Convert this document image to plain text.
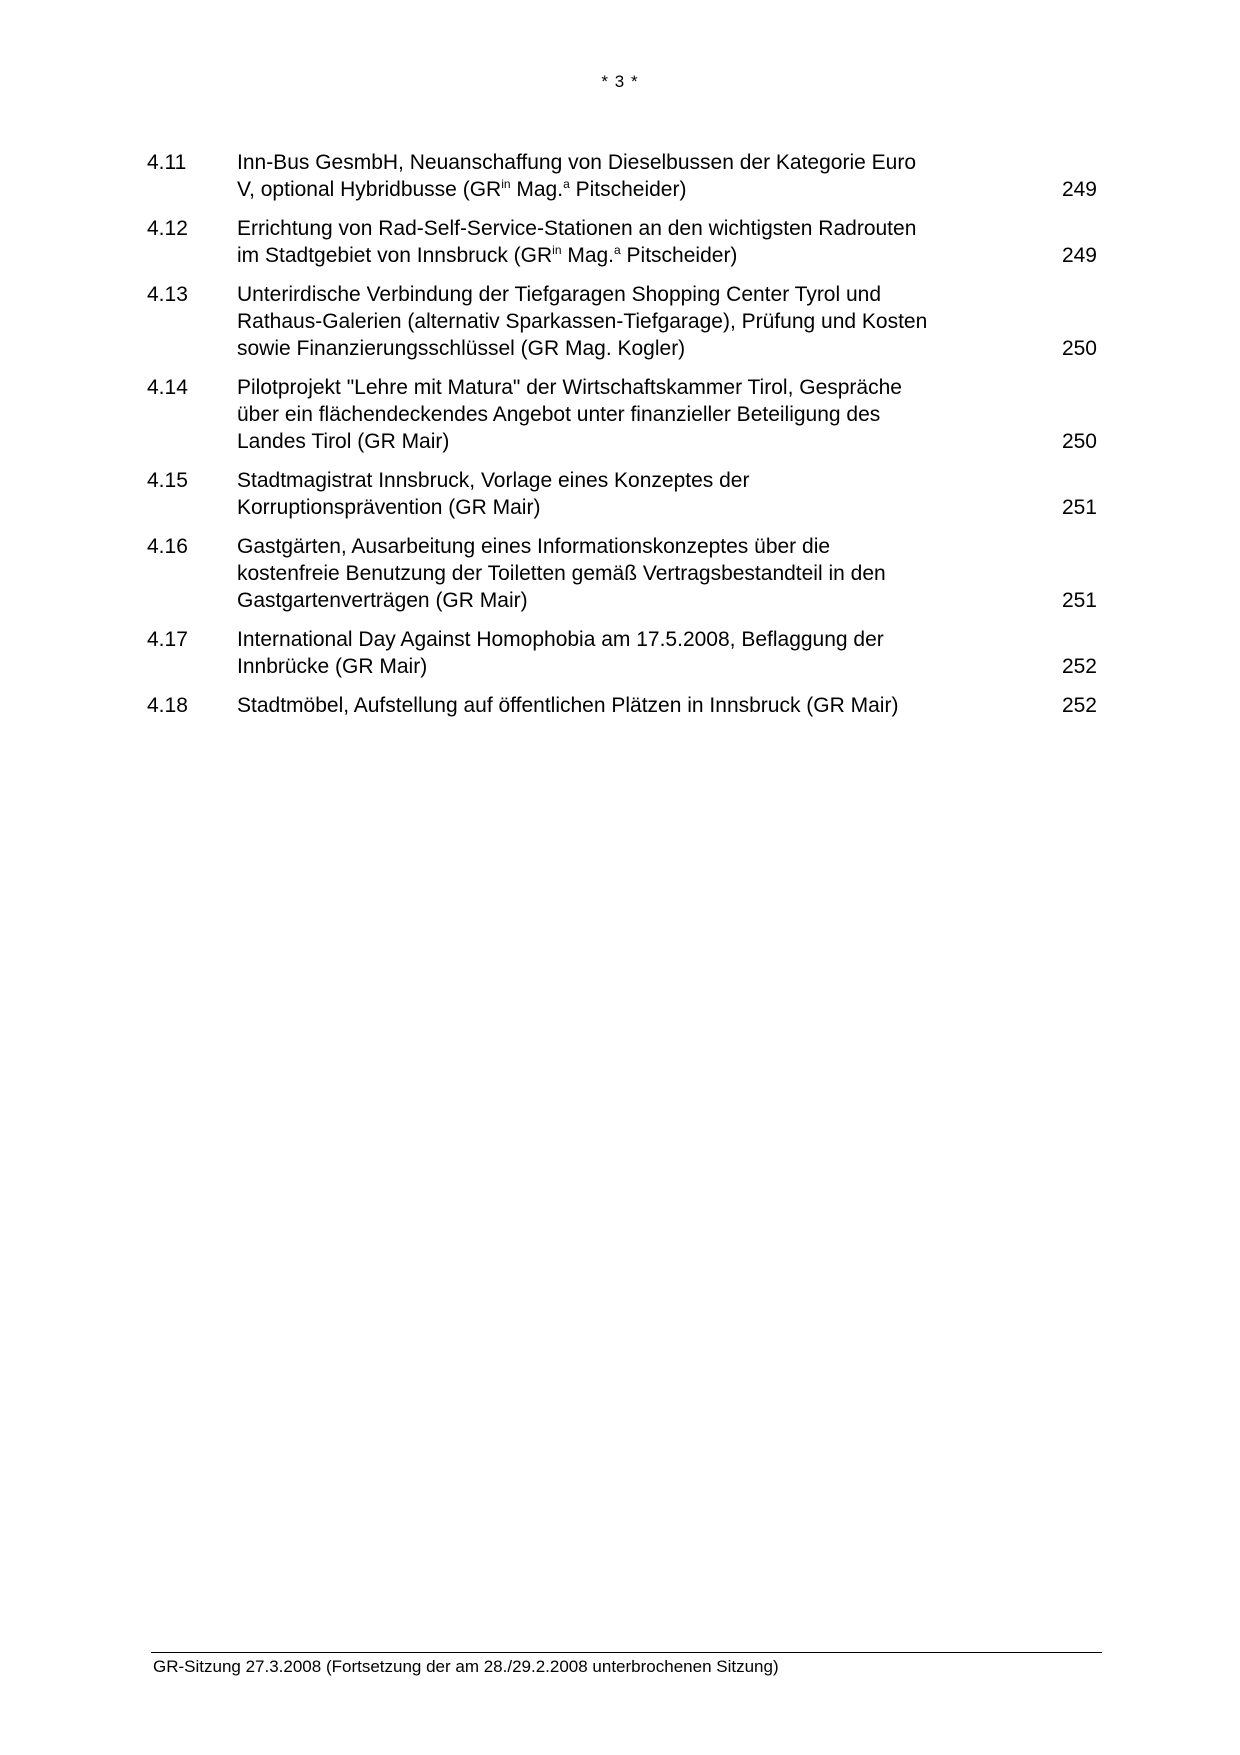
* 3 *
4.11	Inn-Bus GesmbH, Neuanschaffung von Dieselbussen der Kategorie Euro V, optional Hybridbusse ($GR^{in}$ Mag.$^a$ Pitscheider)	249
4.12	Errichtung von Rad-Self-Service-Stationen an den wichtigsten Radrouten im Stadtgebiet von Innsbruck ($GR^{in}$ Mag.$^a$ Pitscheider)	249
4.13	Unterirdische Verbindung der Tiefgaragen Shopping Center Tyrol und Rathaus-Galerien (alternativ Sparkassen-Tiefgarage), Prüfung und Kosten sowie Finanzierungsschlüssel (GR Mag. Kogler)	250
4.14	Pilotprojekt "Lehre mit Matura" der Wirtschaftskammer Tirol, Gespräche über ein flächendeckendes Angebot unter finanzieller Beteiligung des Landes Tirol (GR Mair)	250
4.15	Stadtmagistrat Innsbruck, Vorlage eines Konzeptes der Korruptionsprävention (GR Mair)	251
4.16	Gastgärten, Ausarbeitung eines Informationskonzeptes über die kostenfreie Benutzung der Toiletten gemäß Vertragsbestandteil in den Gastgartenverträgen (GR Mair)	251
4.17	International Day Against Homophobia am 17.5.2008, Beflaggung der Innbrücke (GR Mair)	252
4.18	Stadtmöbel, Aufstellung auf öffentlichen Plätzen in Innsbruck (GR Mair)	252
GR-Sitzung 27.3.2008 (Fortsetzung der am 28./29.2.2008 unterbrochenen Sitzung)
